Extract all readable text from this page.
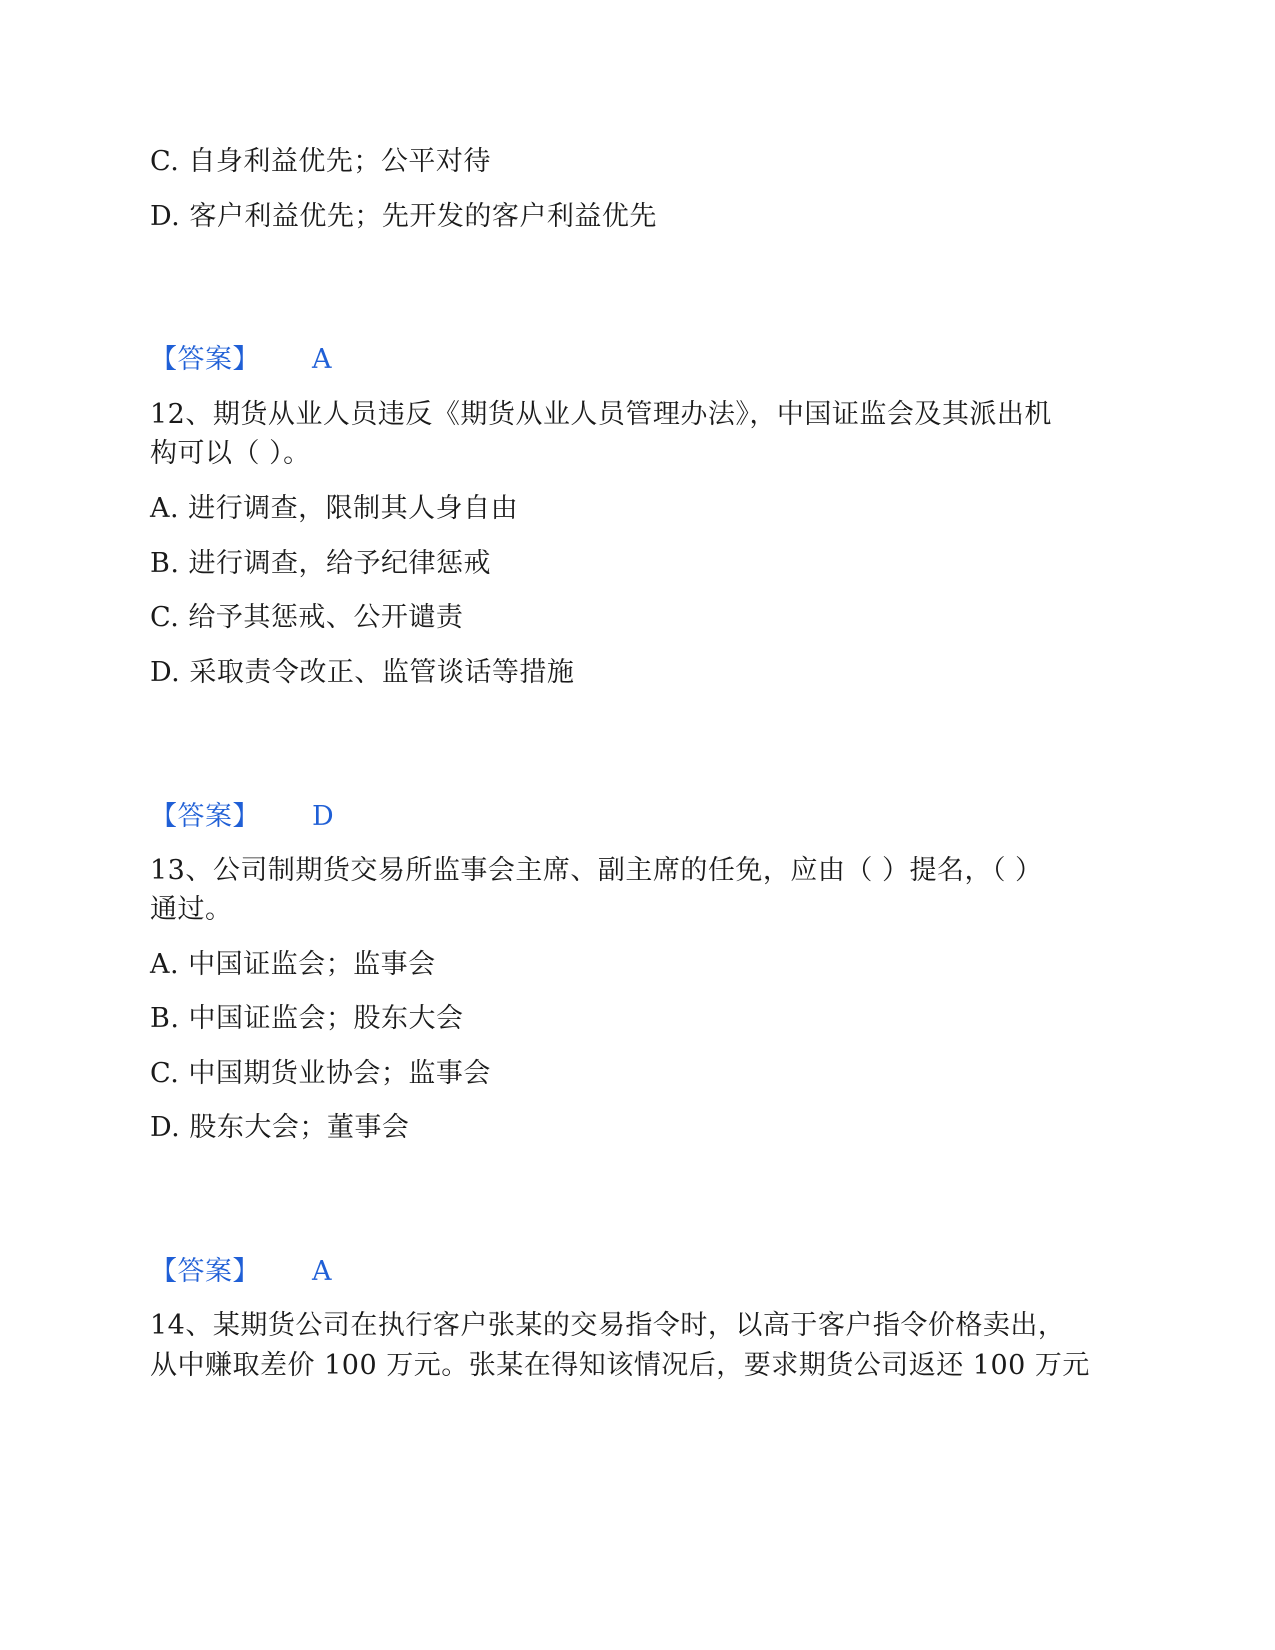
C. 自身利益优先；公平对待
D. 客户利益优先；先开发的客户利益优先
【答案】 A
12、期货从业人员违反《期货从业人员管理办法》，中国证监会及其派出机
构可以（ ）。
A. 进行调查，限制其人身自由
B. 进行调查，给予纪律惩戒
C. 给予其惩戒、公开谴责
D. 采取责令改正、监管谈话等措施
【答案】 D
13、公司制期货交易所监事会主席、副主席的任免，应由（ ）提名，（ ）
通过。
A. 中国证监会；监事会
B. 中国证监会；股东大会
C. 中国期货业协会；监事会
D. 股东大会；董事会
【答案】 A
14、某期货公司在执行客户张某的交易指令时，以高于客户指令价格卖出，
从中赚取差价 100 万元。张某在得知该情况后，要求期货公司返还 100 万元
